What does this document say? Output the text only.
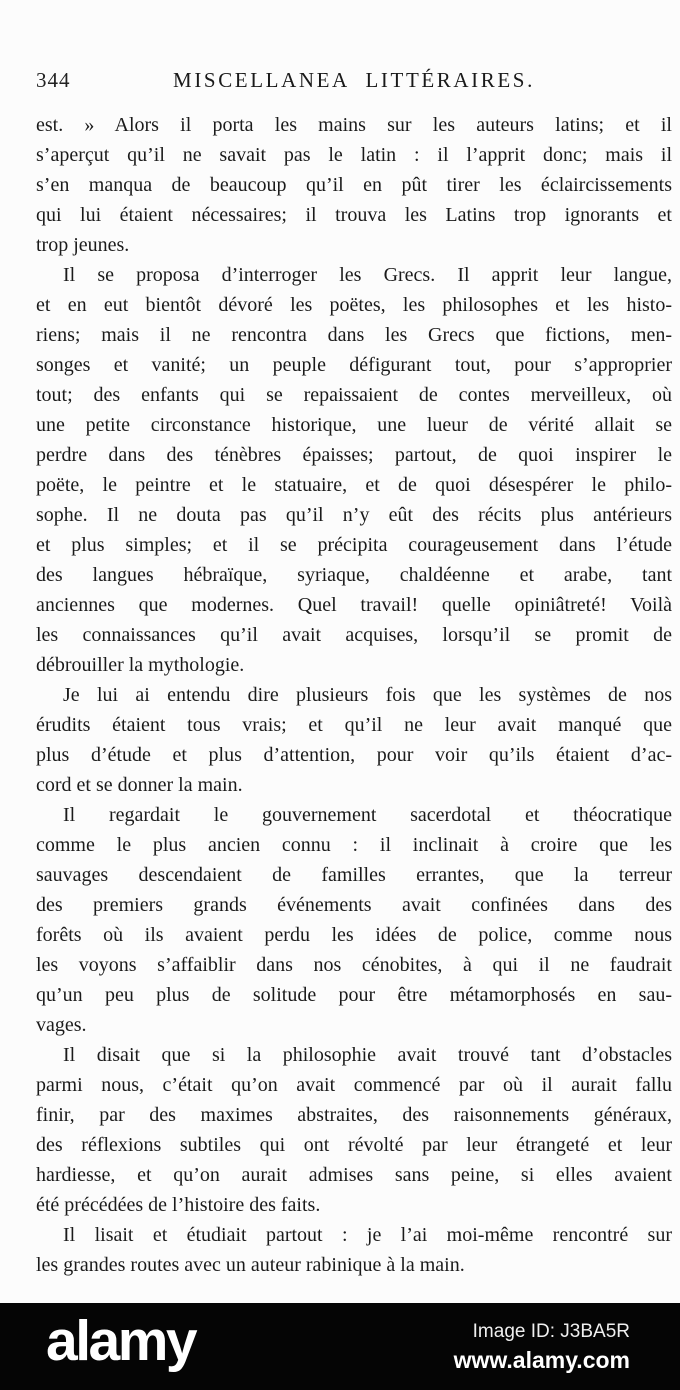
344	MISCELLANEA LITTÉRAIRES.
est. » Alors il porta les mains sur les auteurs latins; et il
s’aperçut qu’il ne savait pas le latin : il l’apprit donc; mais il
s’en manqua de beaucoup qu’il en pût tirer les éclaircissements
qui lui étaient nécessaires; il trouva les Latins trop ignorants et
trop jeunes.
Il se proposa d’interroger les Grecs. Il apprit leur langue,
et en eut bientôt dévoré les poëtes, les philosophes et les histo-
riens; mais il ne rencontra dans les Grecs que fictions, men-
songes et vanité; un peuple défigurant tout, pour s’approprier
tout; des enfants qui se repaissaient de contes merveilleux, où
une petite circonstance historique, une lueur de vérité allait se
perdre dans des ténèbres épaisses; partout, de quoi inspirer le
poëte, le peintre et le statuaire, et de quoi désespérer le philo-
sophe. Il ne douta pas qu’il n’y eût des récits plus antérieurs
et plus simples; et il se précipita courageusement dans l’étude
des langues hébraïque, syriaque, chaldéenne et arabe, tant
anciennes que modernes. Quel travail! quelle opiniâtreté! Voilà
les connaissances qu’il avait acquises, lorsqu’il se promit de
débrouiller la mythologie.
Je lui ai entendu dire plusieurs fois que les systèmes de nos
érudits étaient tous vrais; et qu’il ne leur avait manqué que
plus d’étude et plus d’attention, pour voir qu’ils étaient d’ac-
cord et se donner la main.
Il regardait le gouvernement sacerdotal et théocratique
comme le plus ancien connu : il inclinait à croire que les
sauvages descendaient de familles errantes, que la terreur
des premiers grands événements avait confinées dans des
forêts où ils avaient perdu les idées de police, comme nous
les voyons s’affaiblir dans nos cénobites, à qui il ne faudrait
qu’un peu plus de solitude pour être métamorphosés en sau-
vages.
Il disait que si la philosophie avait trouvé tant d’obstacles
parmi nous, c’était qu’on avait commencé par où il aurait fallu
finir, par des maximes abstraites, des raisonnements généraux,
des réflexions subtiles qui ont révolté par leur étrangeté et leur
hardiesse, et qu’on aurait admises sans peine, si elles avaient
été précédées de l’histoire des faits.
Il lisait et étudiait partout : je l’ai moi-même rencontré sur
les grandes routes avec un auteur rabinique à la main.
alamy	Image ID: J3BA5R
www.alamy.com
